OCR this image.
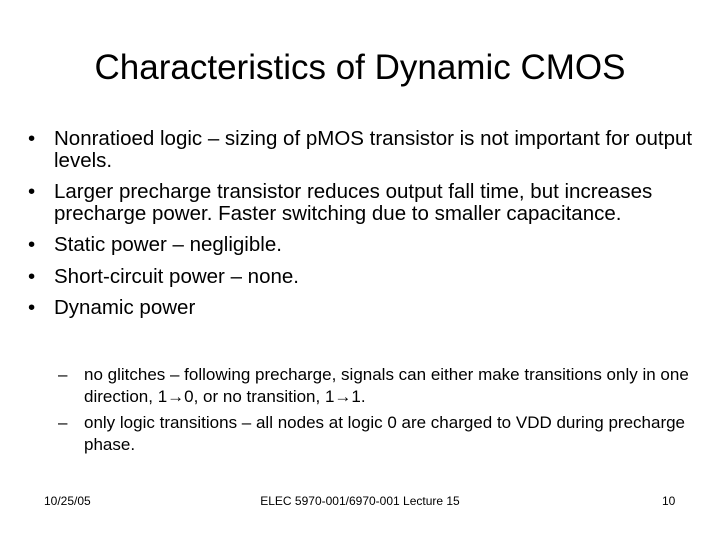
Characteristics of Dynamic CMOS
• Nonratioed logic – sizing of pMOS transistor is not important for output levels.
• Larger precharge transistor reduces output fall time, but increases precharge power. Faster switching due to smaller capacitance.
• Static power – negligible.
• Short-circuit power – none.
• Dynamic power
– no glitches – following precharge, signals can either make transitions only in one direction, 1→0, or no transition, 1→1.
– only logic transitions – all nodes at logic 0 are charged to VDD during precharge phase.
10/25/05	ELEC 5970-001/6970-001 Lecture 15	10
